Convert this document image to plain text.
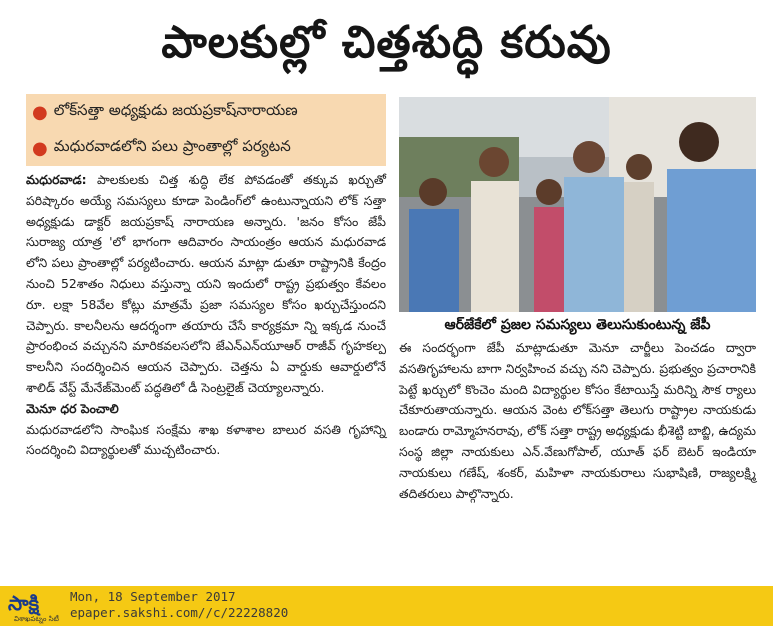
పాలకుల్లో చిత్తశుద్ధి కరువు
● లోక్‌సత్తా అధ్యక్షుడు జయప్రకాష్‌నారాయణ
● మధురవాడలోని పలు ప్రాంతాల్లో పర్యటన

మధురవాడ: పాలకులకు చిత్త శుద్ధి లేక పోవడంతో తక్కువ ఖర్చుతో పరిష్కారం అయ్యే సమస్యలు కూడా పెండింగ్‌లో ఉంటున్నాయని లోక్ సత్తా అధ్యక్షుడు డాక్టర్ జయప్రకాష్ నారాయణ అన్నారు. 'జనం కోసం జేపీ సురాజ్య యాత్ర 'లో భాగంగా ఆదివారం సాయంత్రం ఆయన మధురవాడ లోని పలు ప్రాంతాల్లో పర్యటించారు. ఆయన మాట్లా డుతూ రాష్ట్రానికి కేంద్రం నుంచి 52శాతం నిధులు వస్తున్నా యని ఇందులో రాష్ట్ర ప్రభుత్వం కేవలం రూ. లక్షా 58వేల కోట్లు మాత్రమే ప్రజా సమస్యల కోసం ఖర్చుచేస్తుందని చెప్పారు. కాలనీలను ఆదర్శంగా తయారు చేసే కార్యక్రమా న్ని ఇక్కడ నుంచే ప్రారంభించ వచ్చునని మారికవలసలోని జేఎన్‌ఎన్‌యూఆర్ రాజీవ్ గృహకల్ప కాలనీని సందర్శించిన ఆయన చెప్పారు. చెత్తను ఏ వార్డుకు ఆవార్డులోనే శాలిడ్ వేస్ట్ మేనేజ్‌మెంట్ పద్ధతిలో డీ సెంట్రలైజ్ చెయ్యాలన్నారు.

మెనూ ధర పెంచాలి

మధురవాడలోని సాంఘిక సంక్షేమ శాఖ కళాశాల బాలుర వసతి గృహాన్ని సందర్శించి విద్యార్థులతో ముచ్చటించారు.

ఆర్‌జేకేలో ప్రజల సమస్యలు తెలుసుకుంటున్న జేపీ

ఈ సందర్భంగా జేపీ మాట్లాడుతూ మెనూ చార్జీలు పెంచడం ద్వారా వసతిగృహాలను బాగా నిర్వహించ వచ్చు నని చెప్పారు. ప్రభుత్వం ప్రచారానికి పెట్టే ఖర్చులో కొంచెం మంది విద్యార్థుల కోసం కేటాయిస్తే మరిన్ని సౌక ర్యాలు చేకూరుతాయన్నారు. ఆయన వెంట లోక్‌సత్తా తెలుగు రాష్ట్రాల నాయకుడు బండారు రామ్మోహనరావు, లోక్ సత్తా రాష్ట్ర అధ్యక్షుడు భీశెట్టి బాబ్జి, ఉద్యమ సంస్థ జిల్లా నాయకులు ఎన్.వేణుగోపాల్, యూత్ ఫర్ బెటర్ ఇండియా నాయకులు గణేష్, శంకర్, మహిళా నాయకురాలు సుభాషిణి, రాజ్యలక్ష్మి తదితరులు పాల్గొన్నారు.

సాక్షి
విశాఖపట్నం సిటీ
Mon, 18 September 2017
epaper.sakshi.com//c/22228820
